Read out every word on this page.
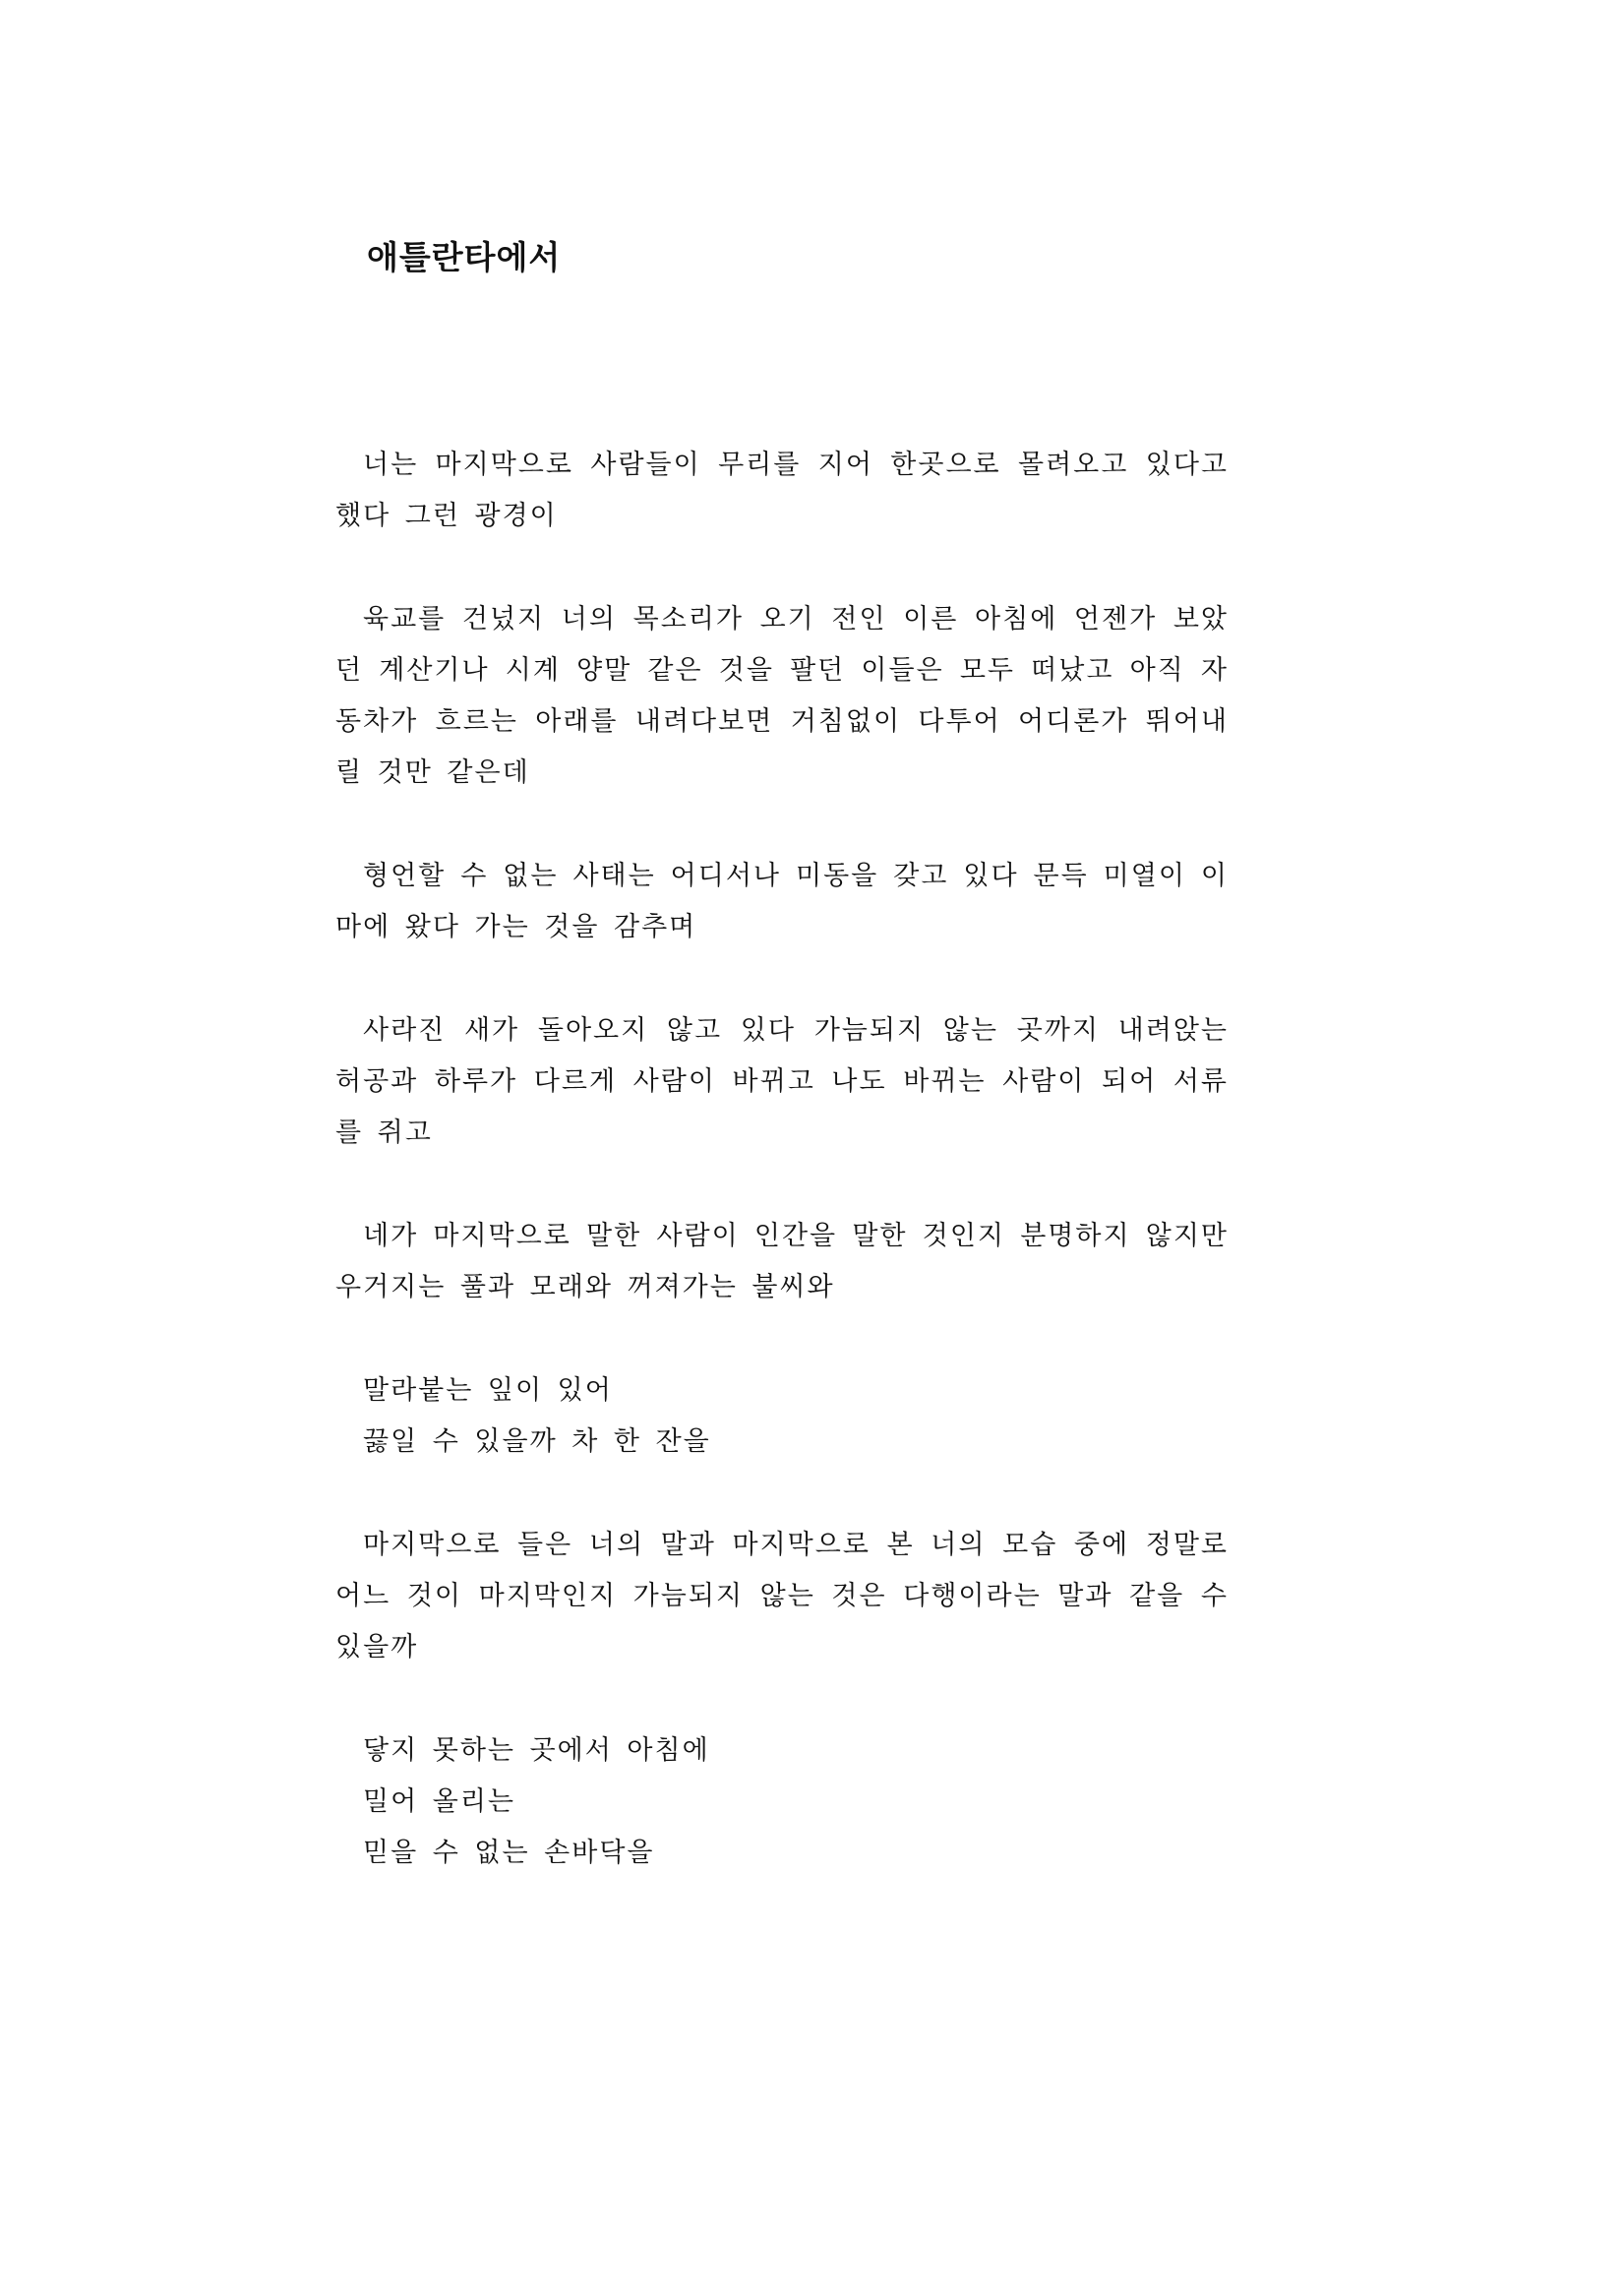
애틀란타에서

너는 마지막으로 사람들이 무리를 지어 한곳으로 몰려오고 있다고 했다 그런 광경이

육교를 건넜지 너의 목소리가 오기 전인 이른 아침에 언젠가 보았던 계산기나 시계 양말 같은 것을 팔던 이들은 모두 떠났고 아직 자동차가 흐르는 아래를 내려다보면 거침없이 다투어 어디론가 뛰어내릴 것만 같은데

형언할 수 없는 사태는 어디서나 미동을 갖고 있다 문득 미열이 이마에 왔다 가는 것을 감추며

사라진 새가 돌아오지 않고 있다 가늠되지 않는 곳까지 내려앉는 허공과 하루가 다르게 사람이 바뀌고 나도 바뀌는 사람이 되어 서류를 쥐고

네가 마지막으로 말한 사람이 인간을 말한 것인지 분명하지 않지만 우거지는 풀과 모래와 꺼져가는 불씨와

말라붙는 잎이 있어

끓일 수 있을까 차 한 잔을

마지막으로 들은 너의 말과 마지막으로 본 너의 모습 중에 정말로 어느 것이 마지막인지 가늠되지 않는 것은 다행이라는 말과 같을 수 있을까

닿지 못하는 곳에서 아침에

밀어 올리는

믿을 수 없는 손바닥을
